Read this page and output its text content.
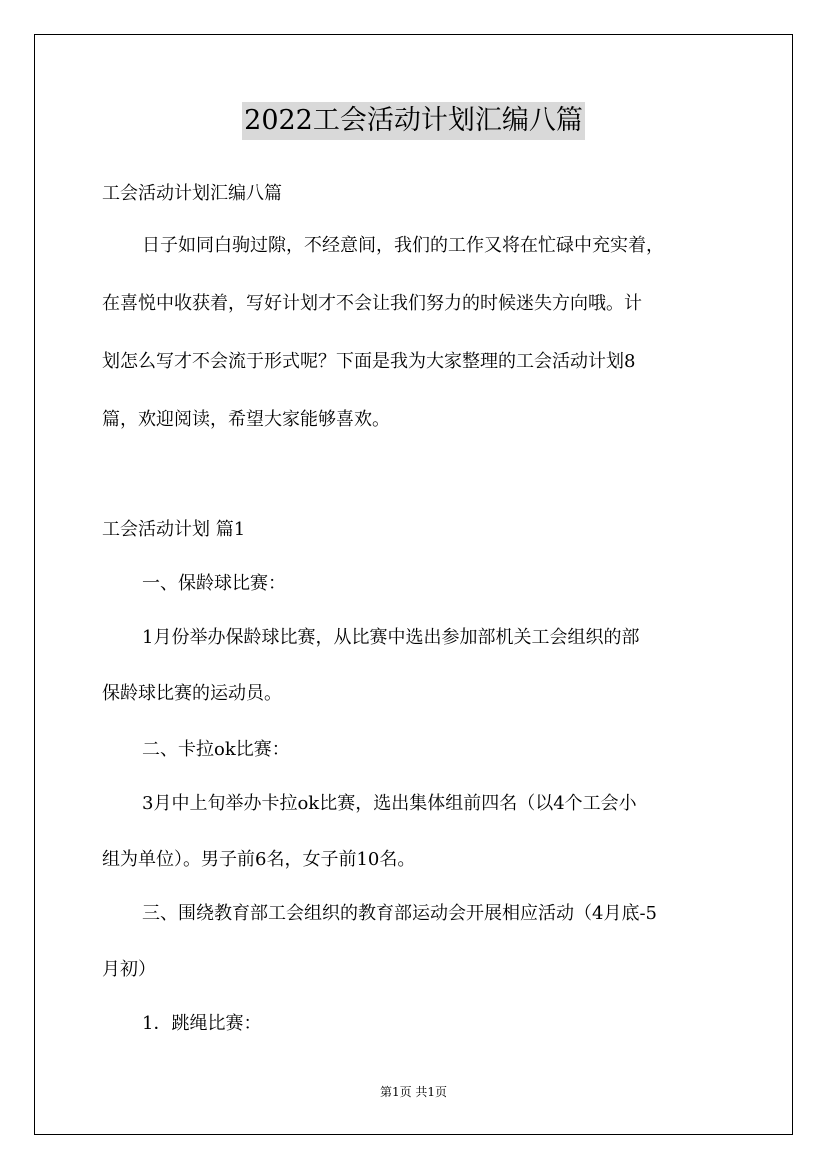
2022工会活动计划汇编八篇
工会活动计划汇编八篇
日子如同白驹过隙，不经意间，我们的工作又将在忙碌中充实着，
在喜悦中收获着，写好计划才不会让我们努力的时候迷失方向哦。计
划怎么写才不会流于形式呢？下面是我为大家整理的工会活动计划8
篇，欢迎阅读，希望大家能够喜欢。
工会活动计划 篇1
一、保龄球比赛：
1月份举办保龄球比赛，从比赛中选出参加部机关工会组织的部
保龄球比赛的运动员。
二、卡拉ok比赛：
3月中上旬举办卡拉ok比赛，选出集体组前四名（以4个工会小
组为单位）。男子前6名，女子前10名。
三、围绕教育部工会组织的教育部运动会开展相应活动（4月底-5
月初）
1．跳绳比赛：
第1页 共1页
